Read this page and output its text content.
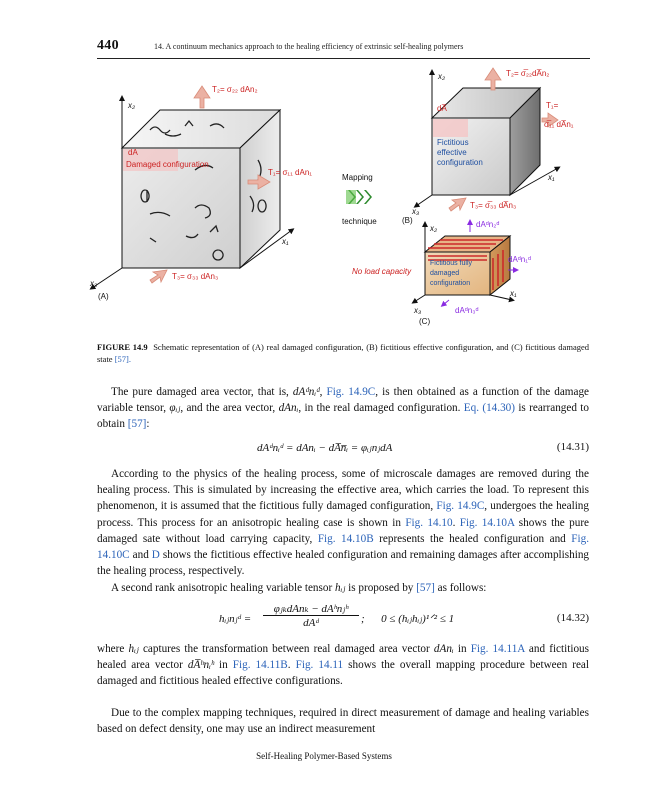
440	14. A continuum mechanics approach to the healing efficiency of extrinsic self-healing polymers
T₂= σ₂₂ dAn₂
x₂
dA
Damaged configuration
T₁= σ₁₁ dAn₁
x₁
T₃= σ₃₃ dAn₃
x₃
(A)
Mapping
technique
T₂= σ̅₂₂dA̅n₂
x₂
dA̅
Fictitious
effective
configuration
T₁=
σ̅₁₁ dA̅n₁
x₁
T₃= σ̅₃₃ dA̅n₃
x₃
(B)
No load capacity
Fictitious fully
damaged
configuration
x₂	dAᵈn₂ᵈ
dAᵈn₁ᵈ
x₁
x₃	dAᵈn₃ᵈ
(C)
FIGURE 14.9 Schematic representation of (A) real damaged configuration, (B) fictitious effective configuration, and (C) fictitious damaged state [57].
The pure damaged area vector, that is, dAᵈnᵢᵈ, Fig. 14.9C, is then obtained as a function of the damage variable tensor, φᵢⱼ, and the area vector, dAnᵢ, in the real damaged configuration. Eq. (14.30) is rearranged to obtain [57]:
dAᵈnᵢᵈ = dAnᵢ − dA̅n̅ᵢ = φᵢⱼnⱼdA	(14.31)
According to the physics of the healing process, some of microscale damages are removed during the healing process. This is simulated by increasing the effective area, which carries the load. To represent this phenomenon, it is assumed that the fictitious fully damaged configuration, Fig. 14.9C, undergoes the healing process. This process for an anisotropic healing case is shown in Fig. 14.10. Fig. 14.10A shows the pure damaged sate without load carrying capacity, Fig. 14.10B represents the healed configuration and Fig. 14.10C and D shows the fictitious effective healed configuration and remaining damages after accomplishing the healing process, respectively.
A second rank anisotropic healing variable tensor hᵢⱼ is proposed by [57] as follows:
hᵢⱼnⱼᵈ =
φⱼₖdAnₖ − dAʰnⱼʰ
dAᵈ	;   0 ≤ (hᵢⱼhᵢⱼ)¹ᐟ² ≤ 1	(14.32)
where hᵢⱼ captures the transformation between real damaged area vector dAnᵢ in Fig. 14.11A and fictitious healed area vector dA̅ʰnᵢʰ in Fig. 14.11B. Fig. 14.11 shows the overall mapping procedure between real damaged and fictitious healed effective configurations.
Due to the complex mapping techniques, required in direct measurement of damage and healing variables based on defect density, one may use an indirect measurement
Self-Healing Polymer-Based Systems
